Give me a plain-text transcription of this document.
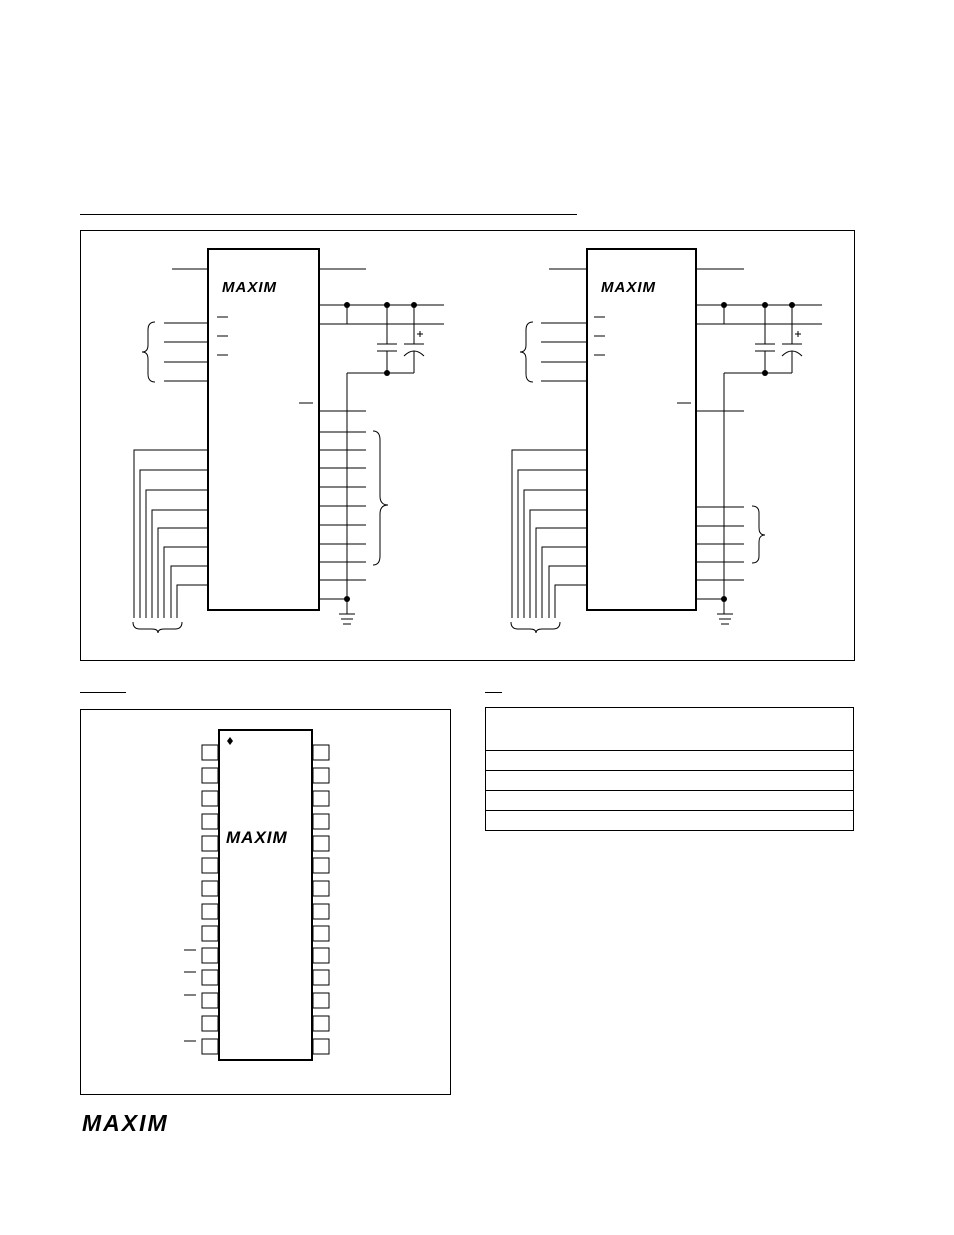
MAXIM	MAXIM
MAXIM

MAXIM
